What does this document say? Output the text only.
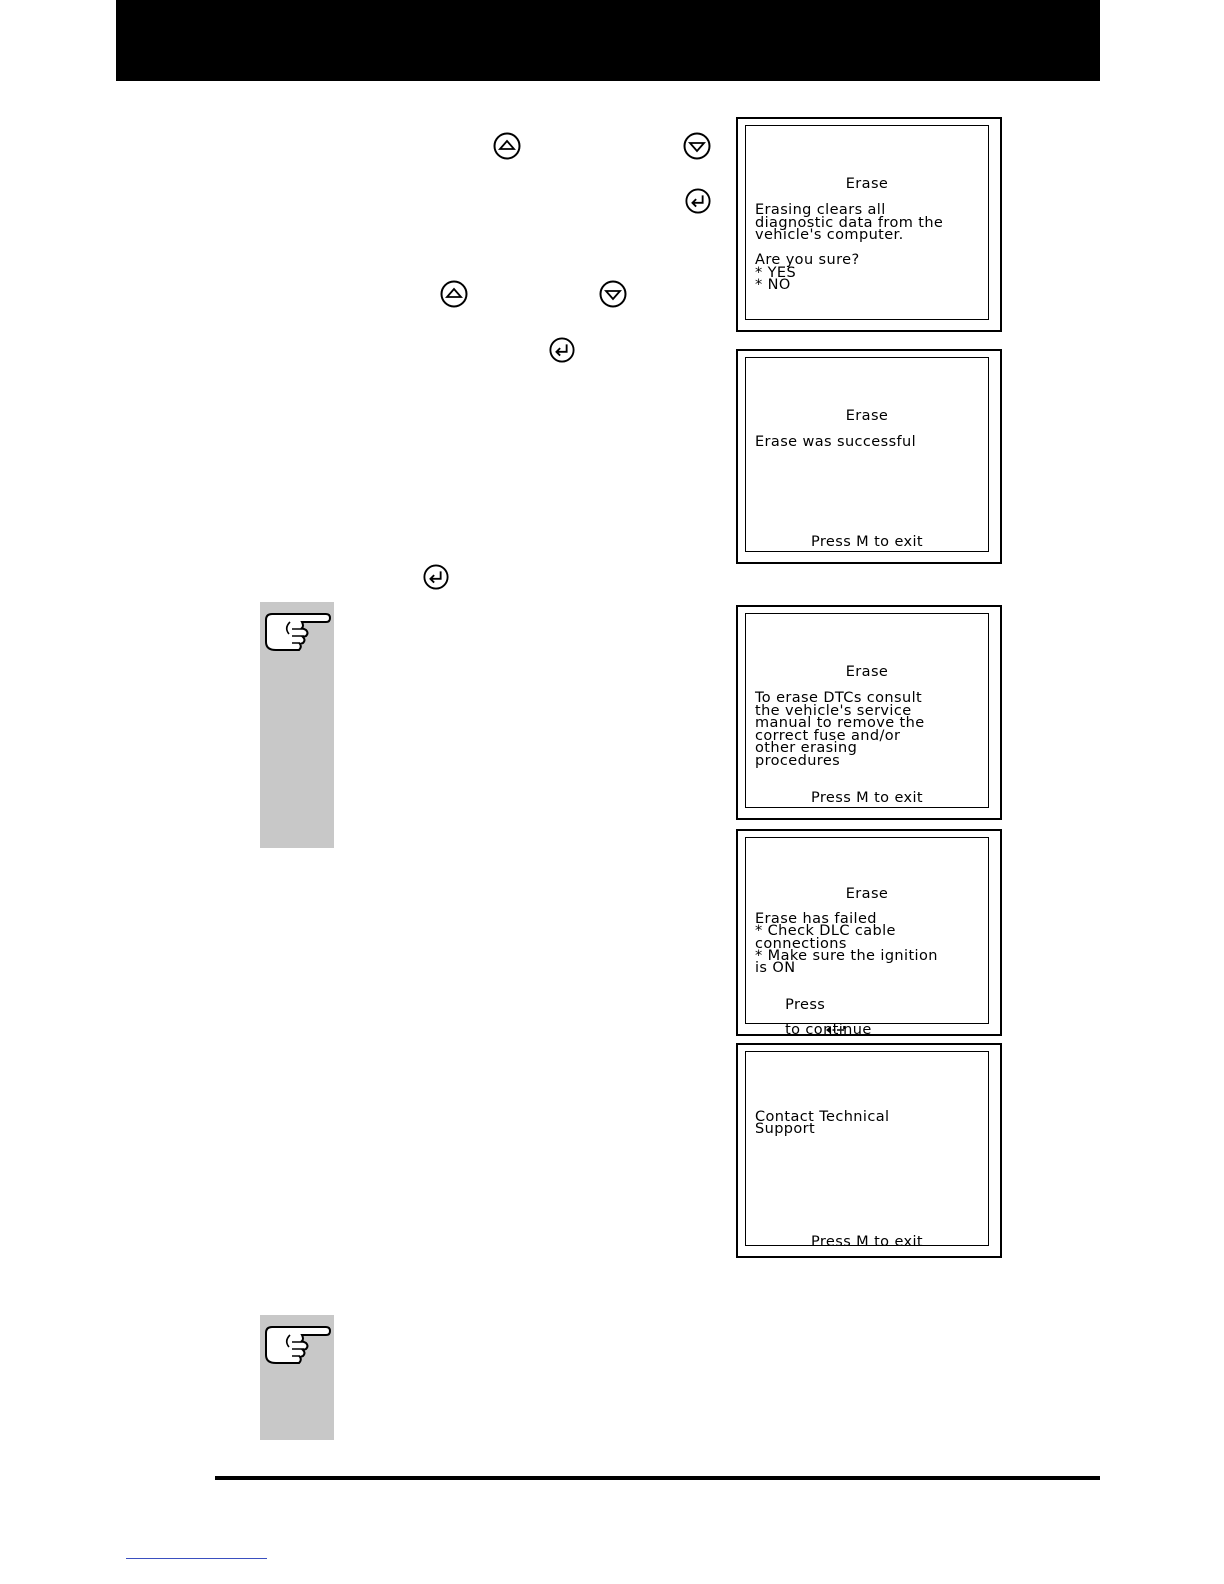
Erase
Erasing clears all
diagnostic data from the
vehicle's computer.
Are you sure?
* YES
* NO
Erase
Erase was successful
Press M to exit
Erase
To erase DTCs consult
the vehicle's service
manual to remove the
correct fuse and/or
other erasing
procedures
Press M to exit
Erase
Erase has failed
* Check DLC cable
connections
* Make sure the ignition
is ON

Press

to continue

Contact Technical
Support
Press M to exit
